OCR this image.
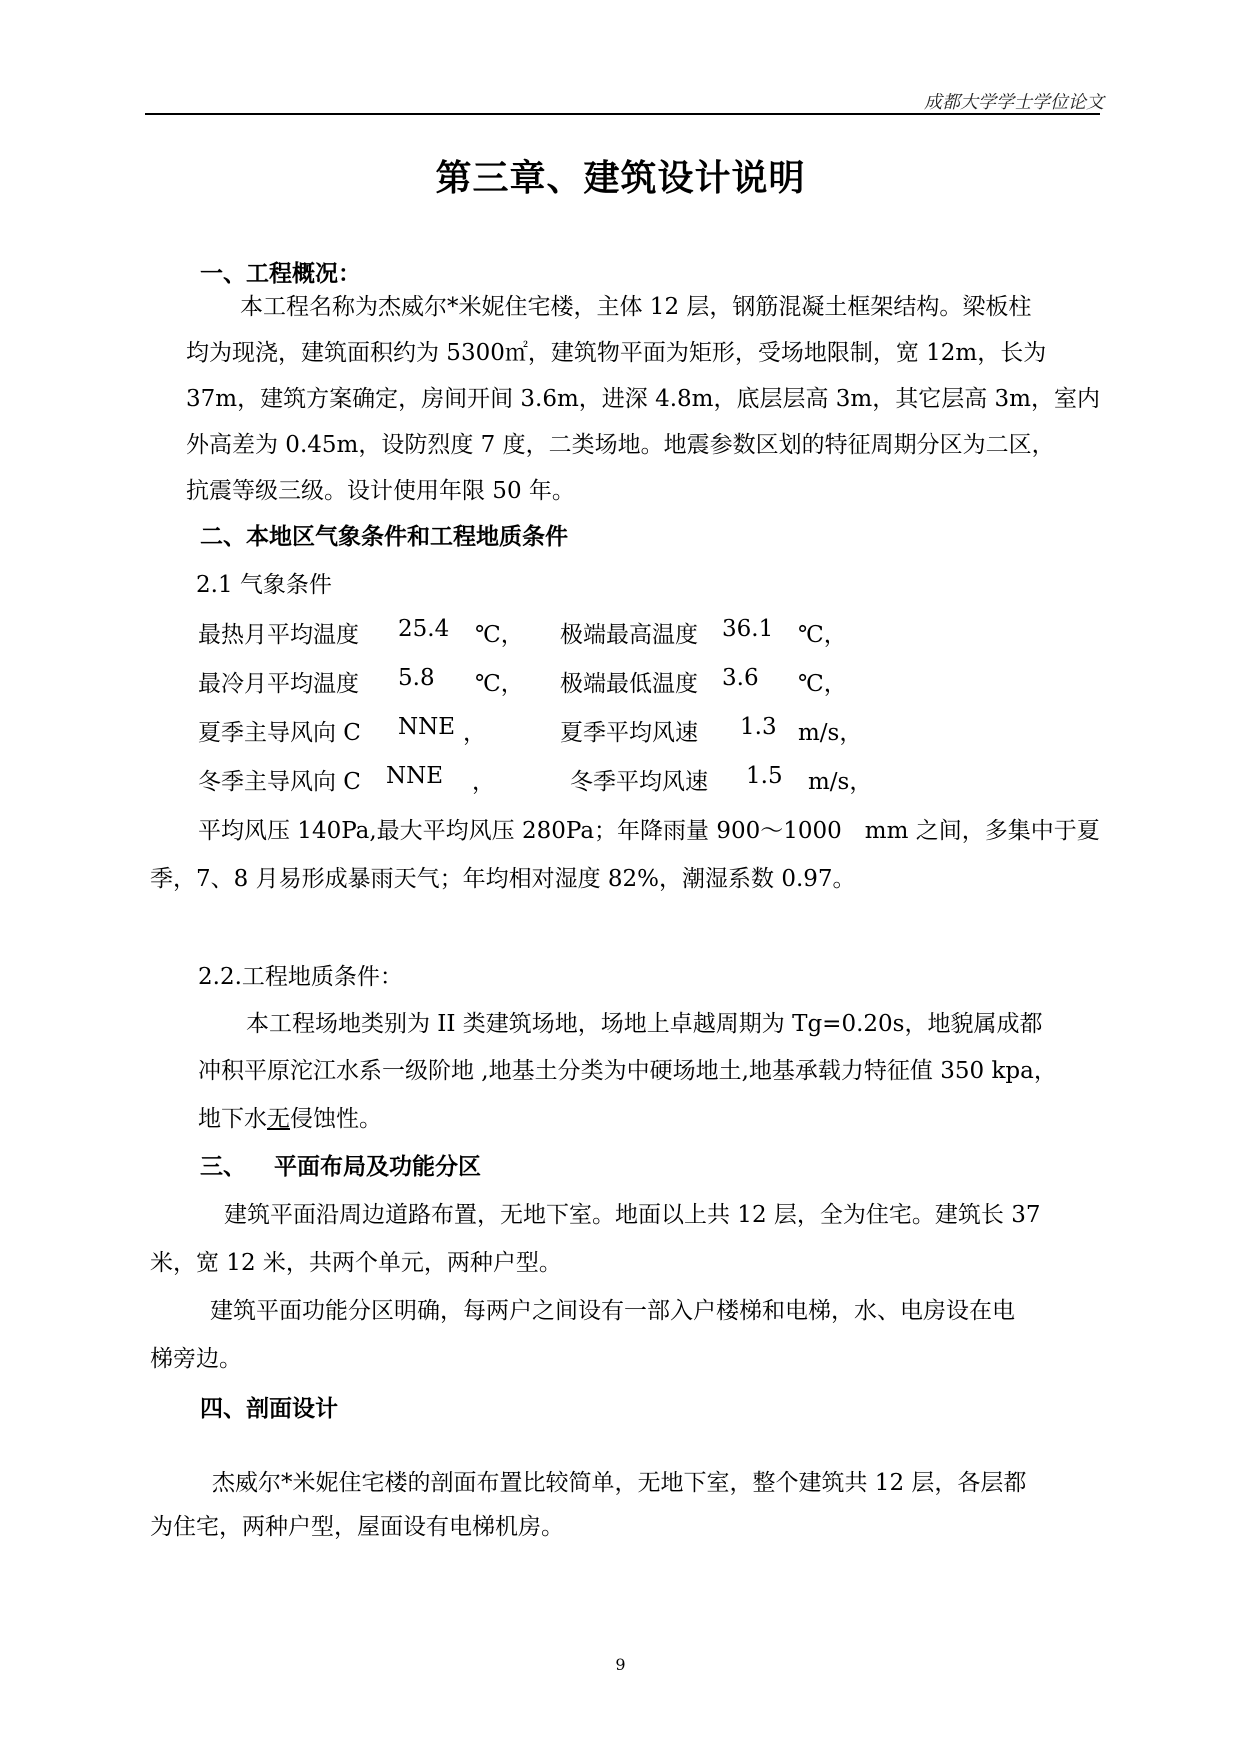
成都大学学士学位论文
第三章、建筑设计说明
一、工程概况：
本工程名称为杰威尔*米妮住宅楼，主体 12 层，钢筋混凝土框架结构。梁板柱
均为现浇，建筑面积约为 5300㎡，建筑物平面为矩形，受场地限制，宽 12m，长为
37m，建筑方案确定，房间开间 3.6m，进深 4.8m，底层层高 3m，其它层高 3m，室内
外高差为 0.45m，设防烈度 7 度，二类场地。地震参数区划的特征周期分区为二区，
抗震等级三级。设计使用年限 50 年。
二、本地区气象条件和工程地质条件
2.1 气象条件
最热月平均温度 25.4 ℃， 极端最高温度 36.1 ℃，
最冷月平均温度 5.8 ℃， 极端最低温度 3.6 ℃，
夏季主导风向 C NNE ，	夏季平均风速 1.3 m/s，
冬季主导风向 C NNE ，	冬季平均风速 1.5 m/s，
平均风压 140Pa,最大平均风压 280Pa；年降雨量 900～1000　mm 之间，多集中于夏
季，7、8 月易形成暴雨天气；年均相对湿度 82%，潮湿系数 0.97。
2.2.工程地质条件：
本工程场地类别为 II 类建筑场地，场地上卓越周期为 Tg=0.20s，地貌属成都
冲积平原沱江水系一级阶地 ,地基土分类为中硬场地土,地基承载力特征值 350 kpa，
地下水无侵蚀性。
三、 平面布局及功能分区
建筑平面沿周边道路布置，无地下室。地面以上共 12 层，全为住宅。建筑长 37
米，宽 12 米，共两个单元，两种户型。
建筑平面功能分区明确，每两户之间设有一部入户楼梯和电梯，水、电房设在电
梯旁边。
四、剖面设计
杰威尔*米妮住宅楼的剖面布置比较简单，无地下室，整个建筑共 12 层，各层都
为住宅，两种户型，屋面设有电梯机房。
9
